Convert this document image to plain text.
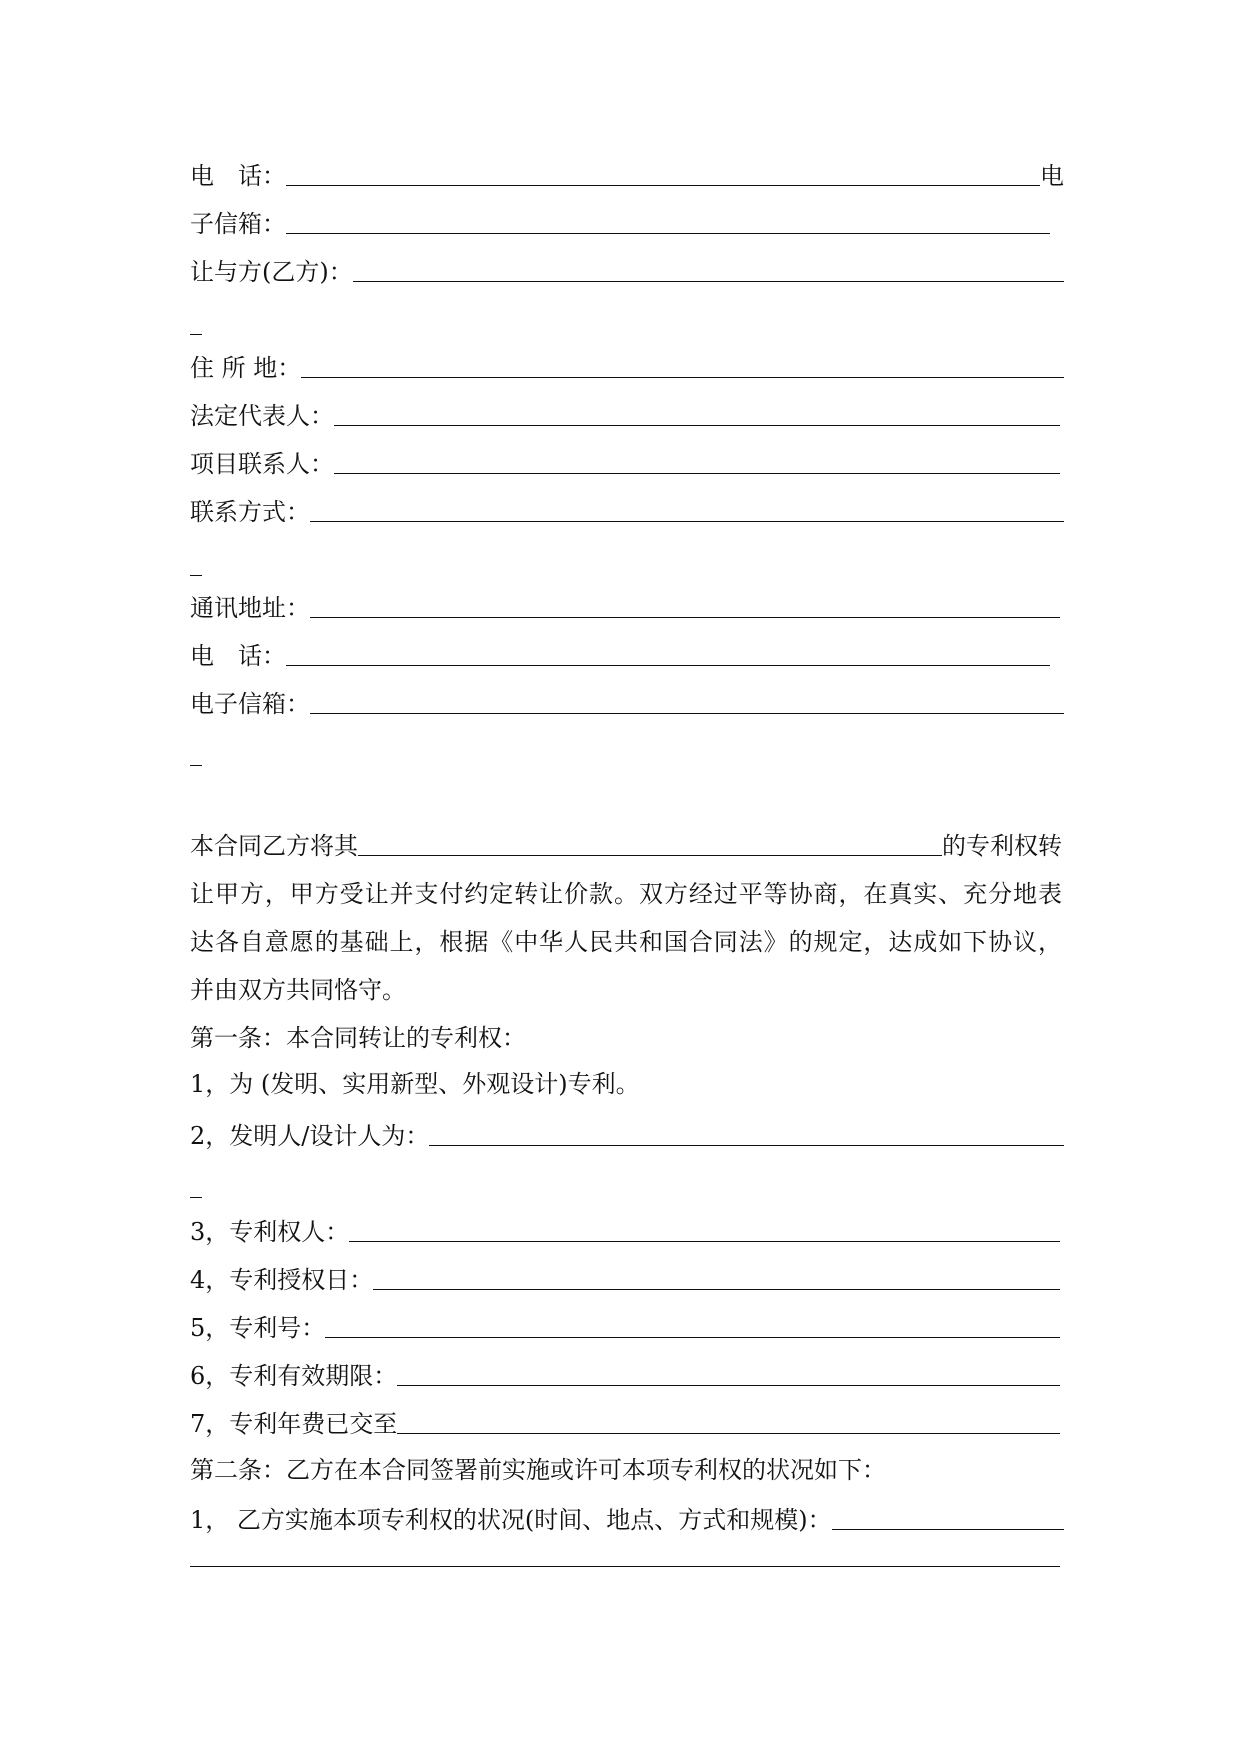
电　话：	电
子信箱：
让与方(乙方)：
住 所 地：
法定代表人：
项目联系人：
联系方式：
通讯地址：
电　话：
电子信箱：
本合同乙方将其	的专利权转
让甲方，甲方受让并支付约定转让价款。双方经过平等协商，在真实、充分地表
达各自意愿的基础上，根据《中华人民共和国合同法》的规定，达成如下协议，
并由双方共同恪守。
第一条：本合同转让的专利权：
1，为 (发明、实用新型、外观设计)专利。
2，发明人/设计人为：
3，专利权人：
4，专利授权日：
5，专利号：
6，专利有效期限：
7，专利年费已交至
第二条：乙方在本合同签署前实施或许可本项专利权的状况如下：
1， 乙方实施本项专利权的状况(时间、地点、方式和规模)：
